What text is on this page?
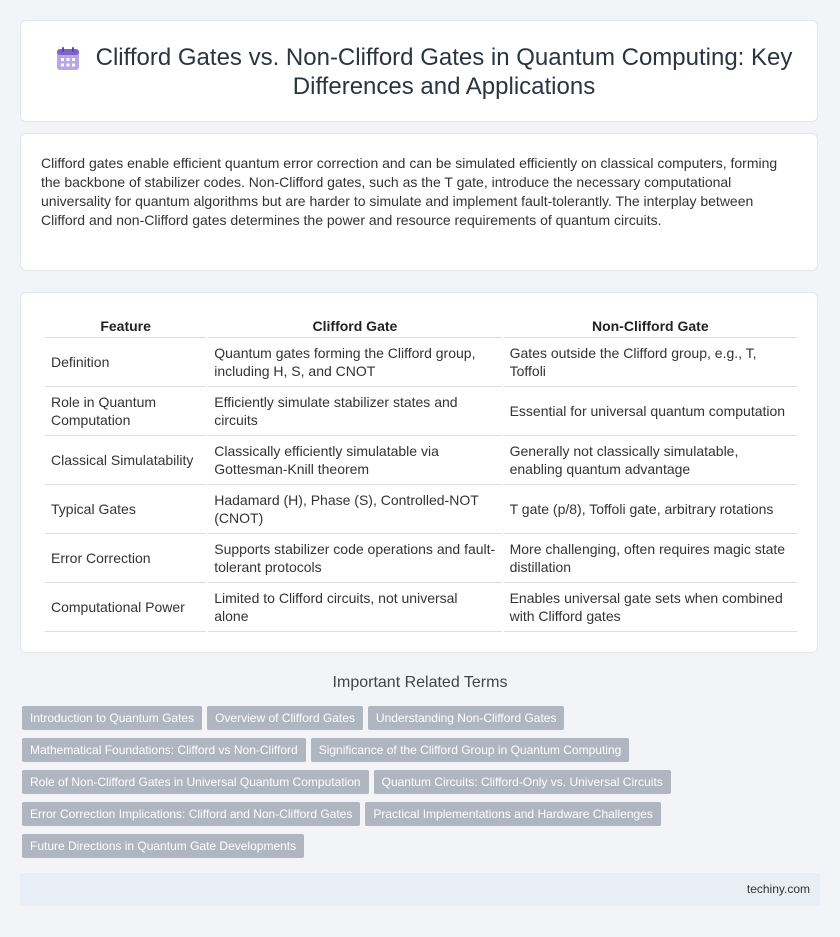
Clifford Gates vs. Non-Clifford Gates in Quantum Computing: Key Differences and Applications

Clifford gates enable efficient quantum error correction and can be simulated efficiently on classical computers, forming the backbone of stabilizer codes. Non-Clifford gates, such as the T gate, introduce the necessary computational universality for quantum algorithms but are harder to simulate and implement fault-tolerantly. The interplay between Clifford and non-Clifford gates determines the power and resource requirements of quantum circuits.

Feature	Clifford Gate	Non-Clifford Gate
Definition	Quantum gates forming the Clifford group, including H, S, and CNOT	Gates outside the Clifford group, e.g., T, Toffoli
Role in Quantum Computation	Efficiently simulate stabilizer states and circuits	Essential for universal quantum computation
Classical Simulatability	Classically efficiently simulatable via Gottesman-Knill theorem	Generally not classically simulatable, enabling quantum advantage
Typical Gates	Hadamard (H), Phase (S), Controlled-NOT (CNOT)	T gate (p/8), Toffoli gate, arbitrary rotations
Error Correction	Supports stabilizer code operations and fault-tolerant protocols	More challenging, often requires magic state distillation
Computational Power	Limited to Clifford circuits, not universal alone	Enables universal gate sets when combined with Clifford gates
Important Related Terms
Introduction to Quantum Gates Overview of Clifford Gates Understanding Non-Clifford GatesMathematical Foundations: Clifford vs Non-Clifford Significance of the Clifford Group in Quantum ComputingRole of Non-Clifford Gates in Universal Quantum Computation Quantum Circuits: Clifford-Only vs. Universal CircuitsError Correction Implications: Clifford and Non-Clifford Gates Practical Implementations and Hardware ChallengesFuture Directions in Quantum Gate Developments
techiny.com
